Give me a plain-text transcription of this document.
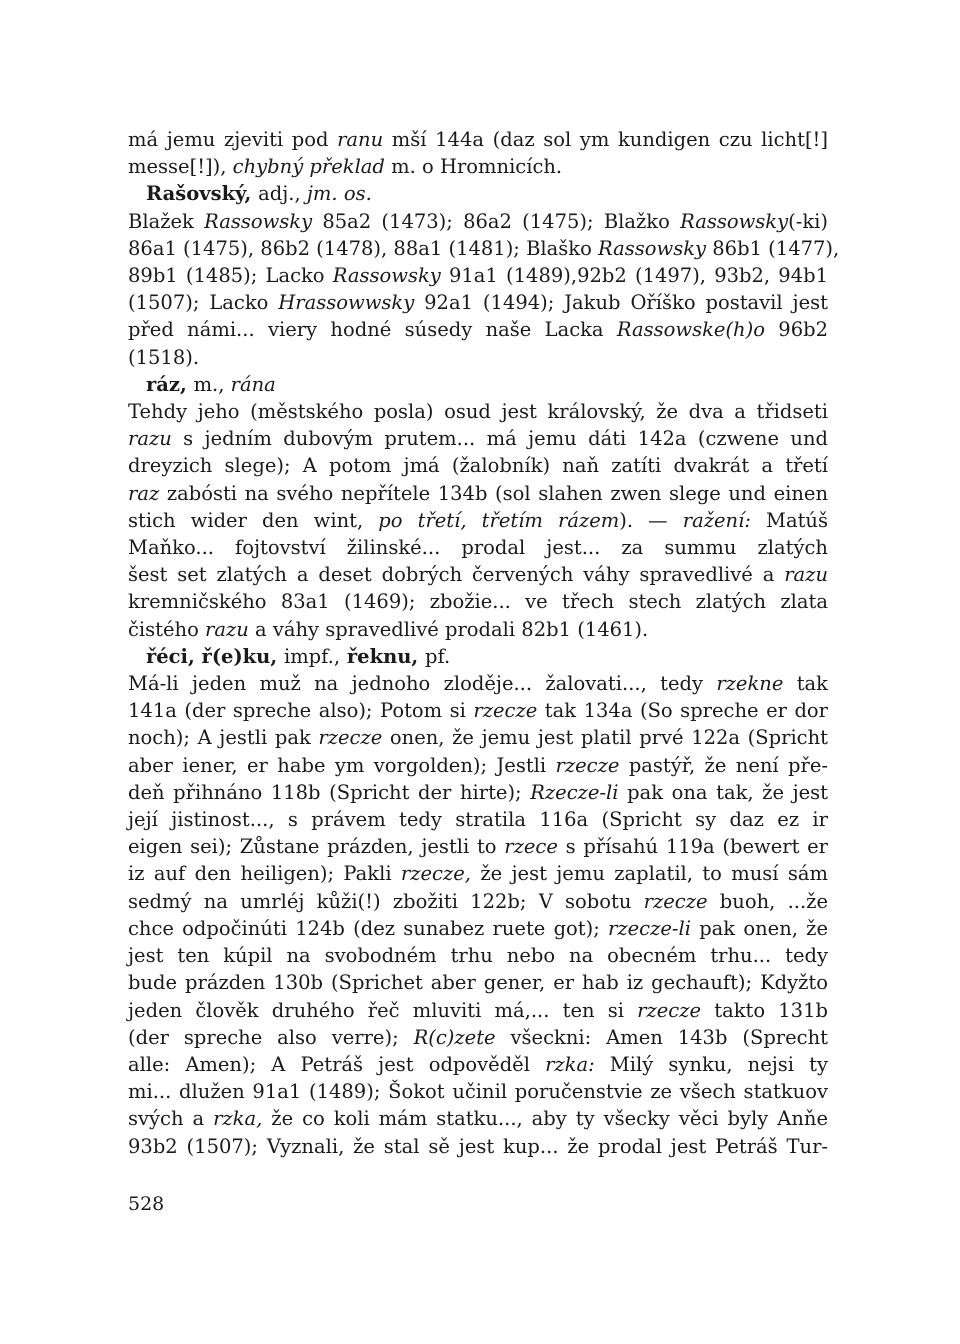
má jemu zjeviti pod ranu mší 144a (daz sol ym kundigen czu licht[!]
messe[!]), chybný překlad m. o Hromnicích.
Rašovský, adj., jm. os.
Blažek Rassowsky 85a2 (1473); 86a2 (1475); Blažko Rassowsky(-ki)
86a1 (1475), 86b2 (1478), 88a1 (1481); Blaško Rassowsky 86b1 (1477),
89b1 (1485); Lacko Rassowsky 91a1 (1489),92b2 (1497), 93b2, 94b1
(1507); Lacko Hrassowwsky 92a1 (1494); Jakub Oříško postavil jest
před námi... viery hodné súsedy naše Lacka Rassowske(h)o 96b2
(1518).
ráz, m., rána
Tehdy jeho (městského posla) osud jest královský, že dva a třidseti
razu s jedním dubovým prutem... má jemu dáti 142a (czwene und
dreyzich slege); A potom jmá (žalobník) naň zatíti dvakrát a třetí
raz zabósti na svého nepřítele 134b (sol slahen zwen slege und einen
stich wider den wint, po třetí, třetím rázem). — ražení: Matúš
Maňko... fojtovství žilinské... prodal jest... za summu zlatých
šest set zlatých a deset dobrých červených váhy spravedlivé a razu
kremničského 83a1 (1469); zbožie... ve třech stech zlatých zlata
čistého razu a váhy spravedlivé prodali 82b1 (1461).
řéci, ř(e)ku, impf., řeknu, pf.
Má-li jeden muž na jednoho zloděje... žalovati..., tedy rzekne tak
141a (der spreche also); Potom si rzecze tak 134a (So spreche er dor
noch); A jestli pak rzecze onen, že jemu jest platil prvé 122a (Spricht
aber iener, er habe ym vorgolden); Jestli rzecze pastýř, že není pře-
deň přihnáno 118b (Spricht der hirte); Rzecze-li pak ona tak, že jest
její jistinost..., s právem tedy stratila 116a (Spricht sy daz ez ir
eigen sei); Zůstane prázden, jestli to rzece s přísahú 119a (bewert er
iz auf den heiligen); Pakli rzecze, že jest jemu zaplatil, to musí sám
sedmý na umrléj kůži(!) zbožiti 122b; V sobotu rzecze buoh, ...že
chce odpočinúti 124b (dez sunabez ruete got); rzecze-li pak onen, že
jest ten kúpil na svobodném trhu nebo na obecném trhu... tedy
bude prázden 130b (Sprichet aber gener, er hab iz gechauft); Kdyžto
jeden člověk druhého řeč mluviti má,... ten si rzecze takto 131b
(der spreche also verre); R(c)zete všeckni: Amen 143b (Sprecht
alle: Amen); A Petráš jest odpověděl rzka: Milý synku, nejsi ty
mi... dlužen 91a1 (1489); Šokot učinil poručenstvie ze všech statkuov
svých a rzka, že co koli mám statku..., aby ty všecky věci byly Anňe
93b2 (1507); Vyznali, že stal sě jest kup... že prodal jest Petráš Tur-
528
